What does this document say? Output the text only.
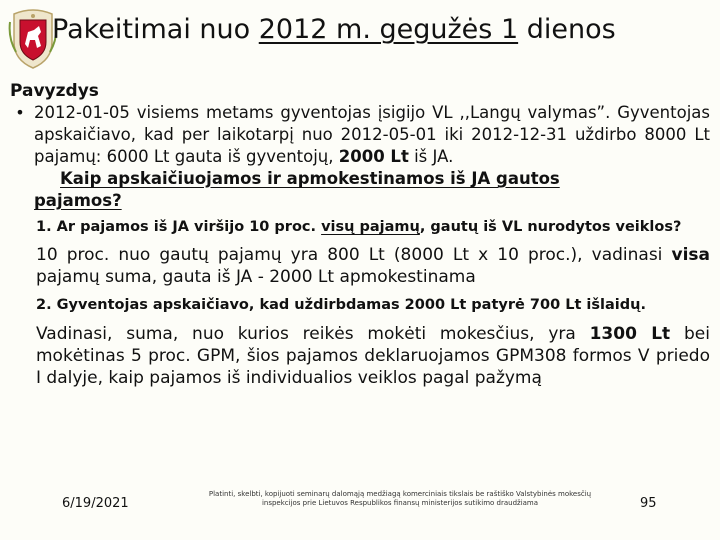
Pakeitimai nuo 2012 m. gegužės 1 dienos

Pavyzdys

• 2012-01-05 visiems metams gyventojas įsigijo VL ,,Langų valymas”. Gyventojas apskaičiavo, kad per laikotarpį nuo 2012-05-01 iki 2012-12-31 uždirbo 8000 Lt pajamų: 6000 Lt gauta iš gyventojų, 2000 Lt iš JA.
Kaip apskaičiuojamos ir apmokestinamos iš JA gautos
pajamos?
1. Ar pajamos iš JA viršijo 10 proc. visų pajamų, gautų iš VL nurodytos veiklos?
10 proc. nuo gautų pajamų yra 800 Lt (8000 Lt x 10 proc.), vadinasi visa pajamų suma, gauta iš JA - 2000 Lt apmokestinama
2. Gyventojas apskaičiavo, kad uždirbdamas 2000 Lt patyrė 700 Lt išlaidų.
Vadinasi, suma, nuo kurios reikės mokėti mokesčius, yra 1300 Lt bei mokėtinas 5 proc. GPM, šios pajamos deklaruojamos GPM308 formos V priedo I dalyje, kaip pajamos iš individualios veiklos pagal pažymą
6/19/2021
Platinti, skelbti, kopijuoti seminarų dalomąją medžiagą komerciniais tikslais be raštiško Valstybinės mokesčių inspekcijos prie Lietuvos Respublikos finansų ministerijos sutikimo draudžiama	95
